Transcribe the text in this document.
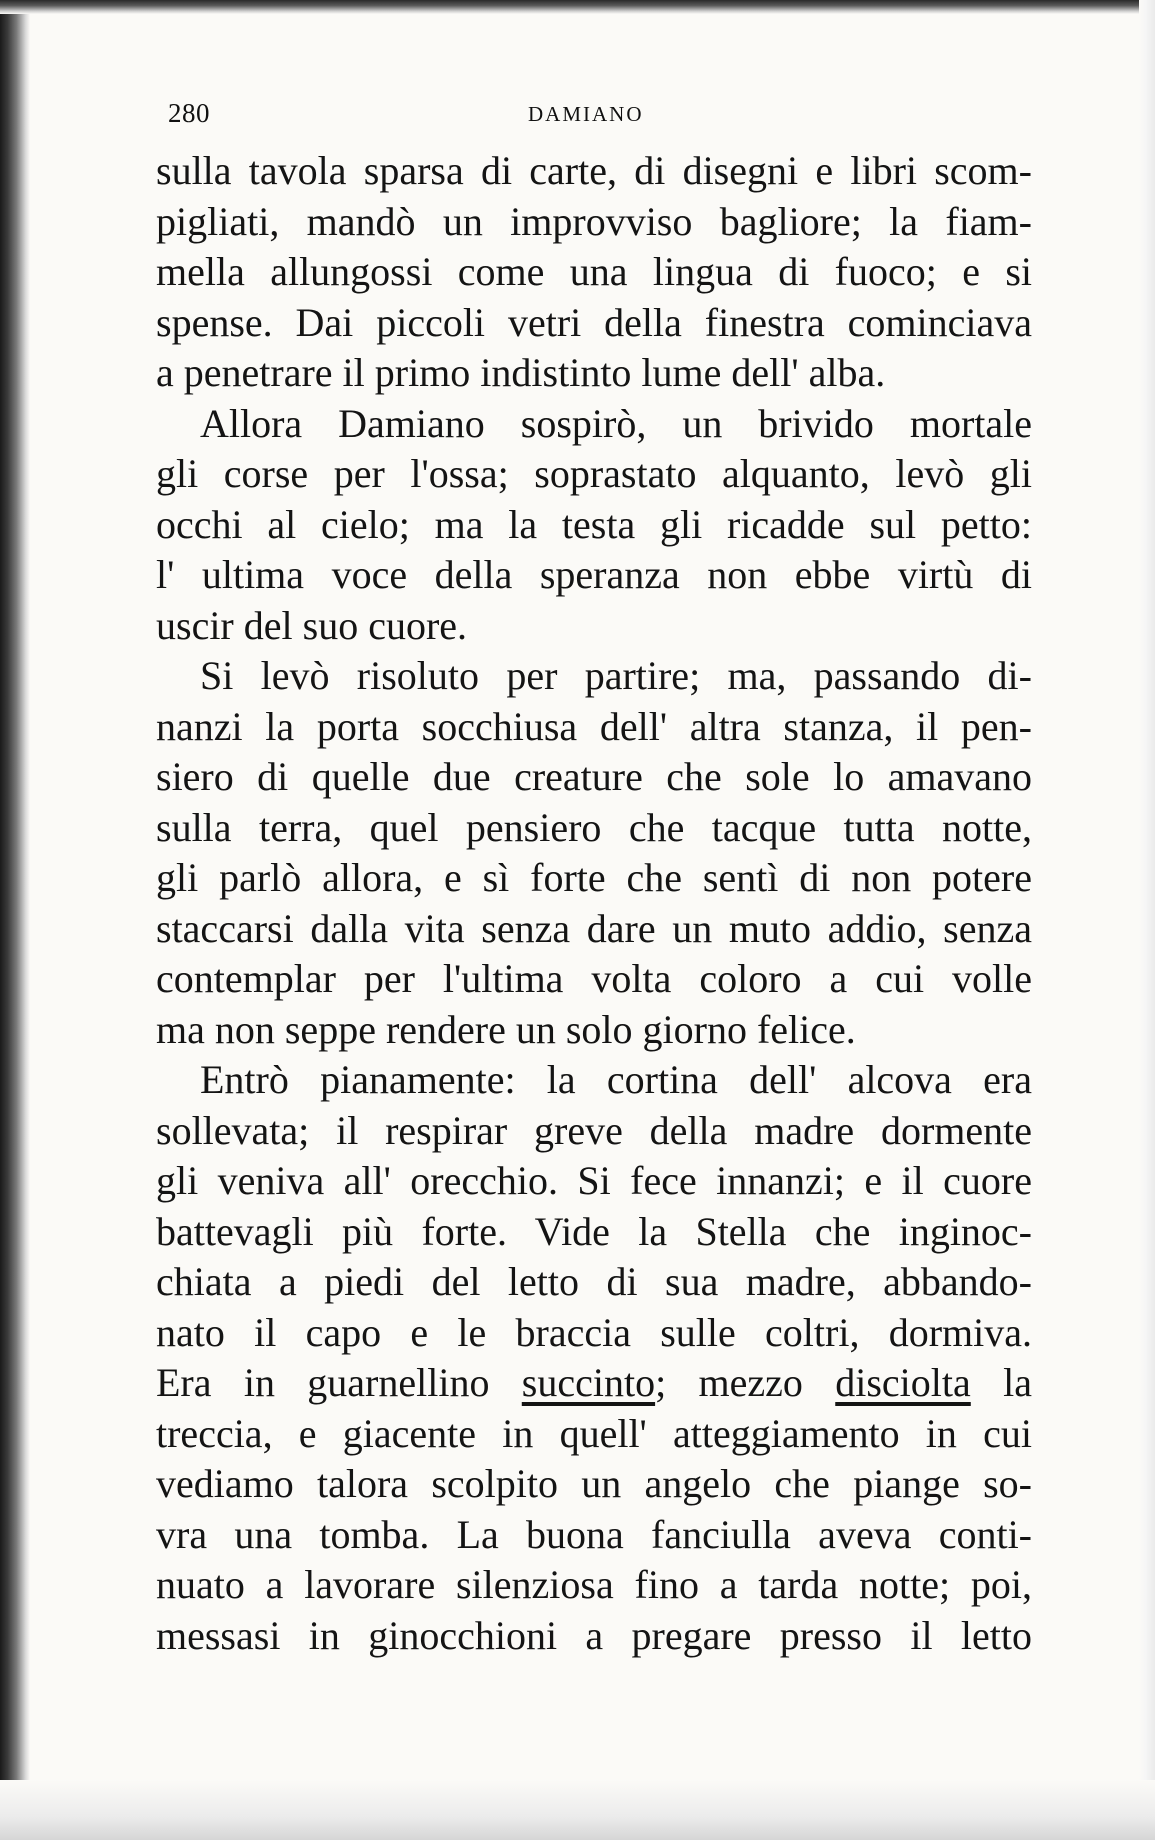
280	DAMIANO
sulla tavola sparsa di carte, di disegni e libri scom-
pigliati, mandò un improvviso bagliore; la fiam-
mella allungossi come una lingua di fuoco; e si
spense. Dai piccoli vetri della finestra cominciava
a penetrare il primo indistinto lume dell' alba.
Allora Damiano sospirò, un brivido mortale
gli corse per l'ossa; soprastato alquanto, levò gli
occhi al cielo; ma la testa gli ricadde sul petto:
l' ultima voce della speranza non ebbe virtù di
uscir del suo cuore.
Si levò risoluto per partire; ma, passando di-
nanzi la porta socchiusa dell' altra stanza, il pen-
siero di quelle due creature che sole lo amavano
sulla terra, quel pensiero che tacque tutta notte,
gli parlò allora, e sì forte che sentì di non potere
staccarsi dalla vita senza dare un muto addio, senza
contemplar per l'ultima volta coloro a cui volle
ma non seppe rendere un solo giorno felice.
Entrò pianamente: la cortina dell' alcova era
sollevata; il respirar greve della madre dormente
gli veniva all' orecchio. Si fece innanzi; e il cuore
battevagli più forte. Vide la Stella che inginoc-
chiata a piedi del letto di sua madre, abbando-
nato il capo e le braccia sulle coltri, dormiva.
Era in guarnellino succinto; mezzo disciolta la
treccia, e giacente in quell' atteggiamento in cui
vediamo talora scolpito un angelo che piange so-
vra una tomba. La buona fanciulla aveva conti-
nuato a lavorare silenziosa fino a tarda notte; poi,
messasi in ginocchioni a pregare presso il letto
